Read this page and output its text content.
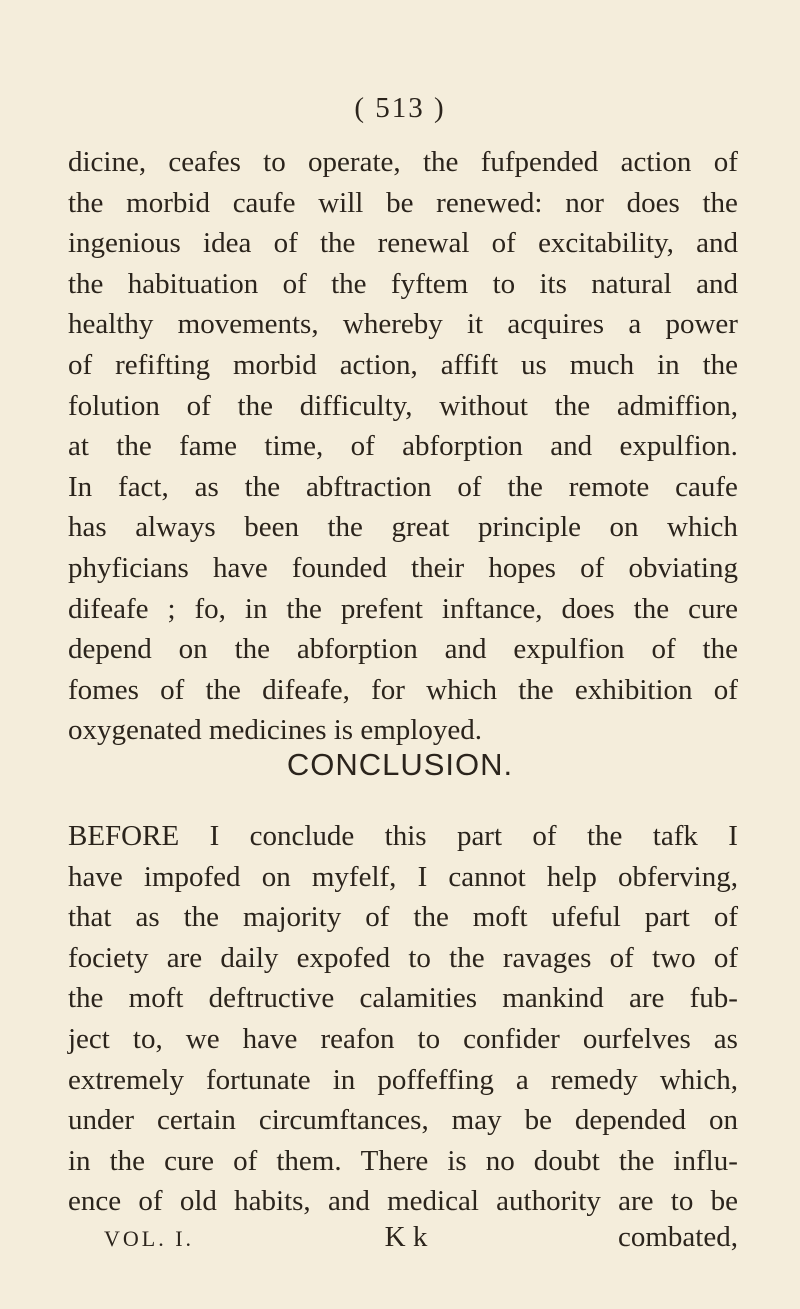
( 513 )
dicine, ceafes to operate, the fufpended action of
the morbid caufe will be renewed: nor does the
ingenious idea of the renewal of excitability, and
the habituation of the fyftem to its natural and
healthy movements, whereby it acquires a power
of refifting morbid action, affift us much in the
folution of the difficulty, without the admiffion,
at the fame time, of abforption and expulfion.
In fact, as the abftraction of the remote caufe
has always been the great principle on which
phyficians have founded their hopes of obviating
difeafe ; fo, in the prefent inftance, does the cure
depend on the abforption and expulfion of the
fomes of the difeafe, for which the exhibition of
oxygenated medicines is employed.
CONCLUSION.
BEFORE I conclude this part of the tafk I
have impofed on myfelf, I cannot help obferving,
that as the majority of the moft ufeful part of
fociety are daily expofed to the ravages of two of
the moft deftructive calamities mankind are fub-
ject to, we have reafon to confider ourfelves as
extremely fortunate in poffeffing a remedy which,
under certain circumftances, may be depended on
in the cure of them. There is no doubt the influ-
ence of old habits, and medical authority are to be
VOL. I.	K k	combated,
